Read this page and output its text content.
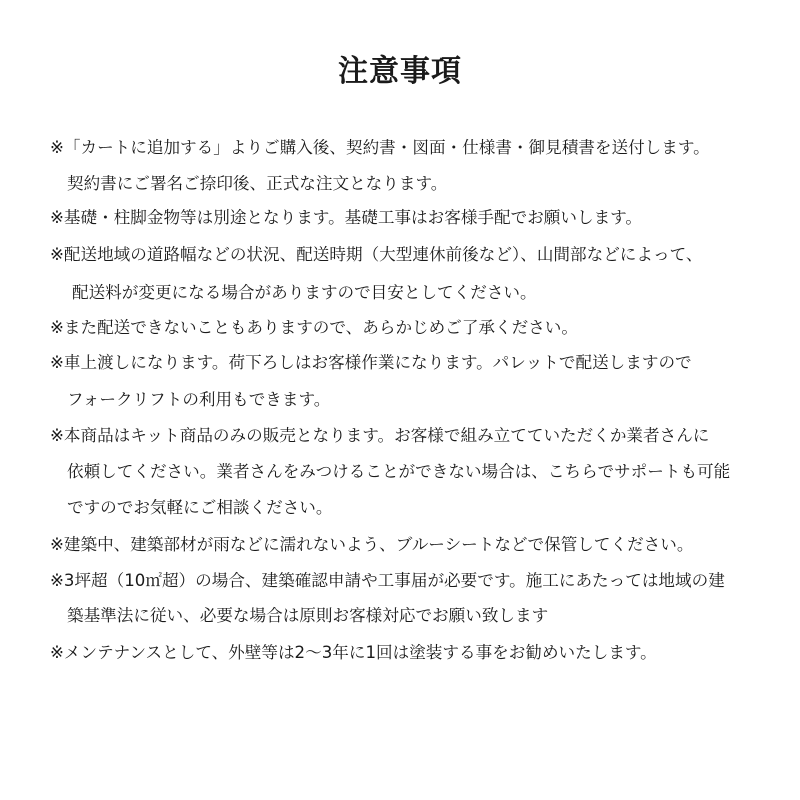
注意事項
※「カートに追加する」よりご購入後、契約書・図面・仕様書・御見積書を送付します。
契約書にご署名ご捺印後、正式な注文となります。
※基礎・柱脚金物等は別途となります。基礎工事はお客様手配でお願いします。
※配送地域の道路幅などの状況、配送時期（大型連休前後など）、山間部などによって、
配送料が変更になる場合がありますので目安としてください。
※また配送できないこともありますので、あらかじめご了承ください。
※車上渡しになります。荷下ろしはお客様作業になります。パレットで配送しますので
フォークリフトの利用もできます。
※本商品はキット商品のみの販売となります。お客様で組み立てていただくか業者さんに
依頼してください。業者さんをみつけることができない場合は、こちらでサポートも可能
ですのでお気軽にご相談ください。
※建築中、建築部材が雨などに濡れないよう、ブルーシートなどで保管してください。
※3坪超（10㎡超）の場合、建築確認申請や工事届が必要です。施工にあたっては地域の建
築基準法に従い、必要な場合は原則お客様対応でお願い致します
※メンテナンスとして、外壁等は2～3年に1回は塗装する事をお勧めいたします。
